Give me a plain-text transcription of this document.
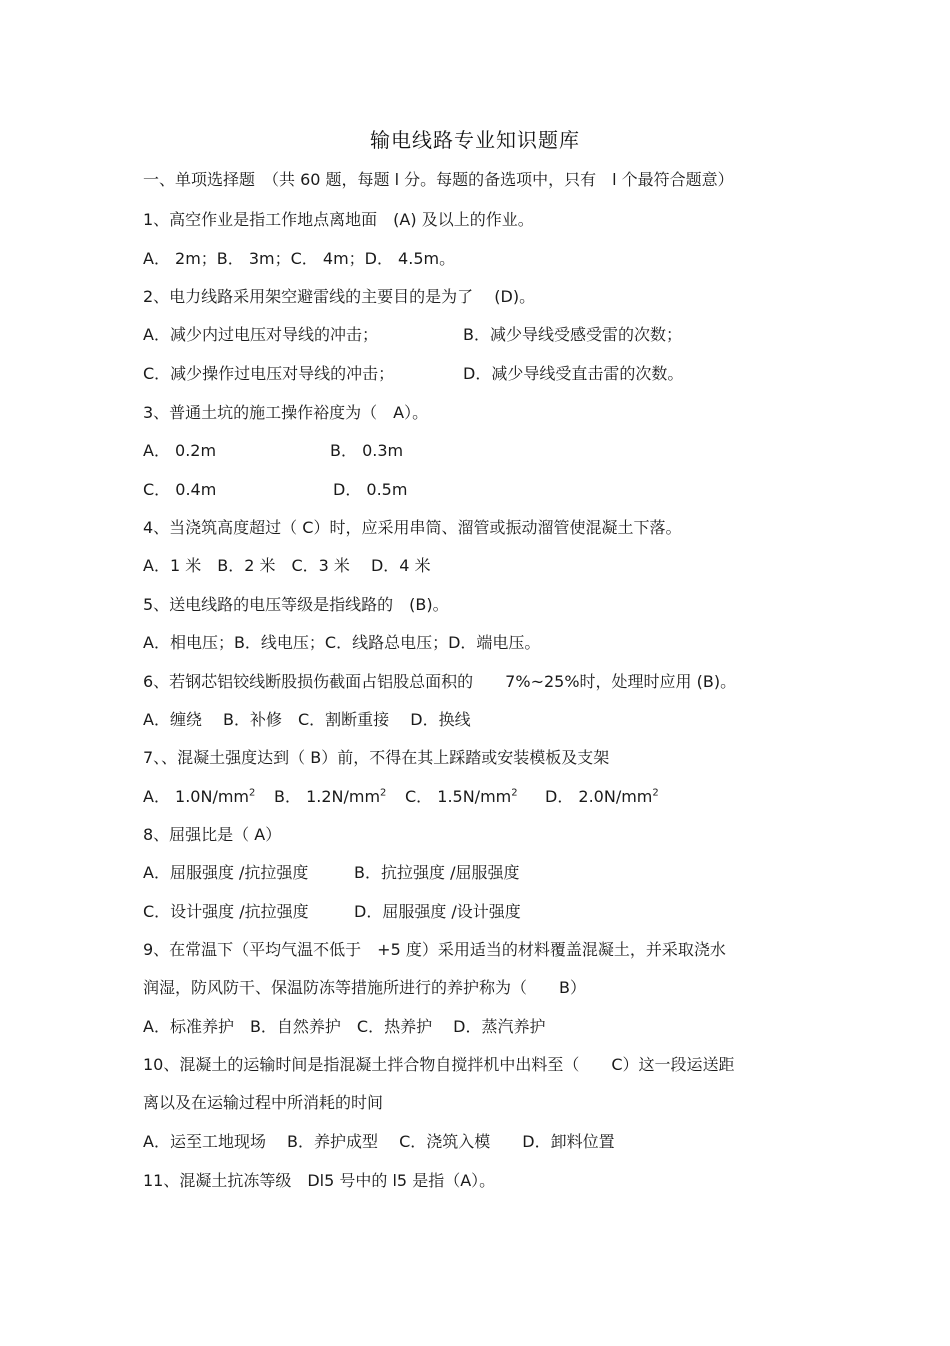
输电线路专业知识题库
一、单项选择题　（共 60 题，每题 l 分。每题的备选项中，只有　l 个最符合题意）
1、高空作业是指工作地点离地面　(A) 及以上的作业。
A． 2m；B． 3m；C． 4m；D． 4.5m。
2、电力线路采用架空避雷线的主要目的是为了　 (D)。
A．减少内过电压对导线的冲击；	B．减少导线受感受雷的次数；
C．减少操作过电压对导线的冲击；	D．减少导线受直击雷的次数。
3、普通土坑的施工操作裕度为（　A）。
A． 0.2m	B． 0.3m
C． 0.4m	D． 0.5m
4、当浇筑高度超过（ C）时，应采用串筒、溜管或振动溜管使混凝土下落。
A．1 米　B．2 米　C．3 米　 D．4 米
5、送电线路的电压等级是指线路的　(B)。
A．相电压；B．线电压；C．线路总电压；D．端电压。
6、若钢芯铝铰线断股损伤截面占铝股总面积的　　7%~25%时，处理时应用 (B)。
A．缠绕　 B．补修　C．割断重接　 D．换线
7、、混凝土强度达到（ B）前，不得在其上踩踏或安装模板及支架
A． $1.0N/mm^2$ B． $1.2N/mm^2$ C． $1.5N/mm^2$ D． $2.0N/mm^2$
8、屈强比是（ A）
A．屈服强度 /抗拉强度	B．抗拉强度 /屈服强度
C．设计强度 /抗拉强度	D．屈服强度 /设计强度
9、在常温下（平均气温不低于　+5 度）采用适当的材料覆盖混凝土，并采取浇水
润湿，防风防干、保温防冻等措施所进行的养护称为（　　B）
A．标准养护　B．自然养护　C．热养护　 D．蒸汽养护
10、混凝土的运输时间是指混凝土拌合物自搅拌机中出料至（　　C）这一段运送距
离以及在运输过程中所消耗的时间
A．运至工地现场　 B．养护成型　 C．浇筑入模　　D．卸料位置
11、混凝土抗冻等级　Dl5 号中的 l5 是指（A）。
